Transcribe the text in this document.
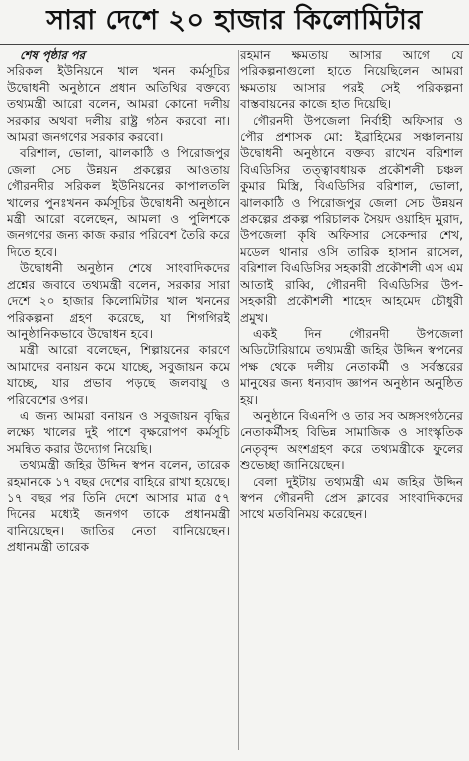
সারা দেশে ২০ হাজার কিলোমিটার

শেষ পৃষ্ঠার পর

সরিকল ইউনিয়নে খাল খনন কর্মসূচির উদ্বোধনী অনুষ্ঠানে প্রধান অতিথির বক্তব্যে তথ্যমন্ত্রী আরো বলেন, আমরা কোনো দলীয় সরকার অথবা দলীয় রাষ্ট্র গঠন করবো না। আমরা জনগণের সরকার করবো।

বরিশাল, ভোলা, ঝালকাঠি ও পিরোজপুর জেলা সেচ উন্নয়ন প্রকল্পের আওতায় গৌরনদীর সরিকল ইউনিয়নের কাপালতলি খালের পুনঃখনন কর্মসূচির উদ্বোধনী অনুষ্ঠানে মন্ত্রী আরো বলেছেন, আমলা ও পুলিশকে জনগণের জন্য কাজ করার পরিবেশ তৈরি করে দিতে হবে।

উদ্বোধনী অনুষ্ঠান শেষে সাংবাদিকদের প্রশ্নের জবাবে তথ্যমন্ত্রী বলেন, সরকার সারা দেশে ২০ হাজার কিলোমিটার খাল খননের পরিকল্পনা গ্রহণ করেছে, যা শিগগিরই আনুষ্ঠানিকভাবে উদ্বোধন হবে।

মন্ত্রী আরো বলেছেন, শিল্পায়নের কারণে আমাদের বনায়ন কমে যাচ্ছে, সবুজায়ন কমে যাচ্ছে, যার প্রভাব পড়ছে জলবায়ু ও পরিবেশের ওপর।

এ জন্য আমরা বনায়ন ও সবুজায়ন বৃদ্ধির লক্ষ্যে খালের দুই পাশে বৃক্ষরোপণ কর্মসূচি সমন্বিত করার উদ্যোগ নিয়েছি।

তথ্যমন্ত্রী জহির উদ্দিন স্বপন বলেন, তারেক রহমানকে ১৭ বছর দেশের বাহিরে রাখা হয়েছে। ১৭ বছর পর তিনি দেশে আসার মাত্র ৫৭ দিনের মধ্যেই জনগণ তাকে প্রধানমন্ত্রী বানিয়েছেন। জাতির নেতা বানিয়েছেন। প্রধানমন্ত্রী তারেক

রহমান ক্ষমতায় আসার আগে যে পরিকল্পনাগুলো হাতে নিয়েছিলেন আমরা ক্ষমতায় আসার পরই সেই পরিকল্পনা বাস্তবায়নের কাজে হাত দিয়েছি।

গৌরনদী উপজেলা নির্বাহী অফিসার ও পৌর প্রশাসক মো: ইব্রাহিমের সঞ্চালনায় উদ্বোধনী অনুষ্ঠানে বক্তব্য রাখেন বরিশাল বিএডিসির তত্ত্বাবধায়ক প্রকৌশলী চঞ্চল কুমার মিস্ত্রি, বিএডিসির বরিশাল, ভোলা, ঝালকাঠি ও পিরোজপুর জেলা সেচ উন্নয়ন প্রকল্পের প্রকল্প পরিচালক সৈয়দ ওয়াহিদ মুরাদ, উপজেলা কৃষি অফিসার সেকেন্দার শেখ, মডেল থানার ওসি তারিক হাসান রাসেল, বরিশাল বিএডিসির সহকারী প্রকৌশলী এস এম আতাই রাব্বি, গৌরনদী বিএডিসির উপ-সহকারী প্রকৌশলী শাহেদ আহমেদ চৌধুরী প্রমুখ।

একই দিন গৌরনদী উপজেলা অডিটোরিয়ামে তথ্যমন্ত্রী জহির উদ্দিন স্বপনের পক্ষ থেকে দলীয় নেতাকর্মী ও সর্বস্তরের মানুষের জন্য ধন্যবাদ জ্ঞাপন অনুষ্ঠান অনুষ্ঠিত হয়।

অনুষ্ঠানে বিএনপি ও তার সব অঙ্গসংগঠনের নেতাকর্মীসহ বিভিন্ন সামাজিক ও সাংস্কৃতিক নেতৃবৃন্দ অংশগ্রহণ করে তথ্যমন্ত্রীকে ফুলের শুভেচ্ছা জানিয়েছেন।

বেলা দুইটায় তথ্যমন্ত্রী এম জহির উদ্দিন স্বপন গৌরনদী প্রেস ক্লাবের সাংবাদিকদের সাথে মতবিনিময় করেছেন।
